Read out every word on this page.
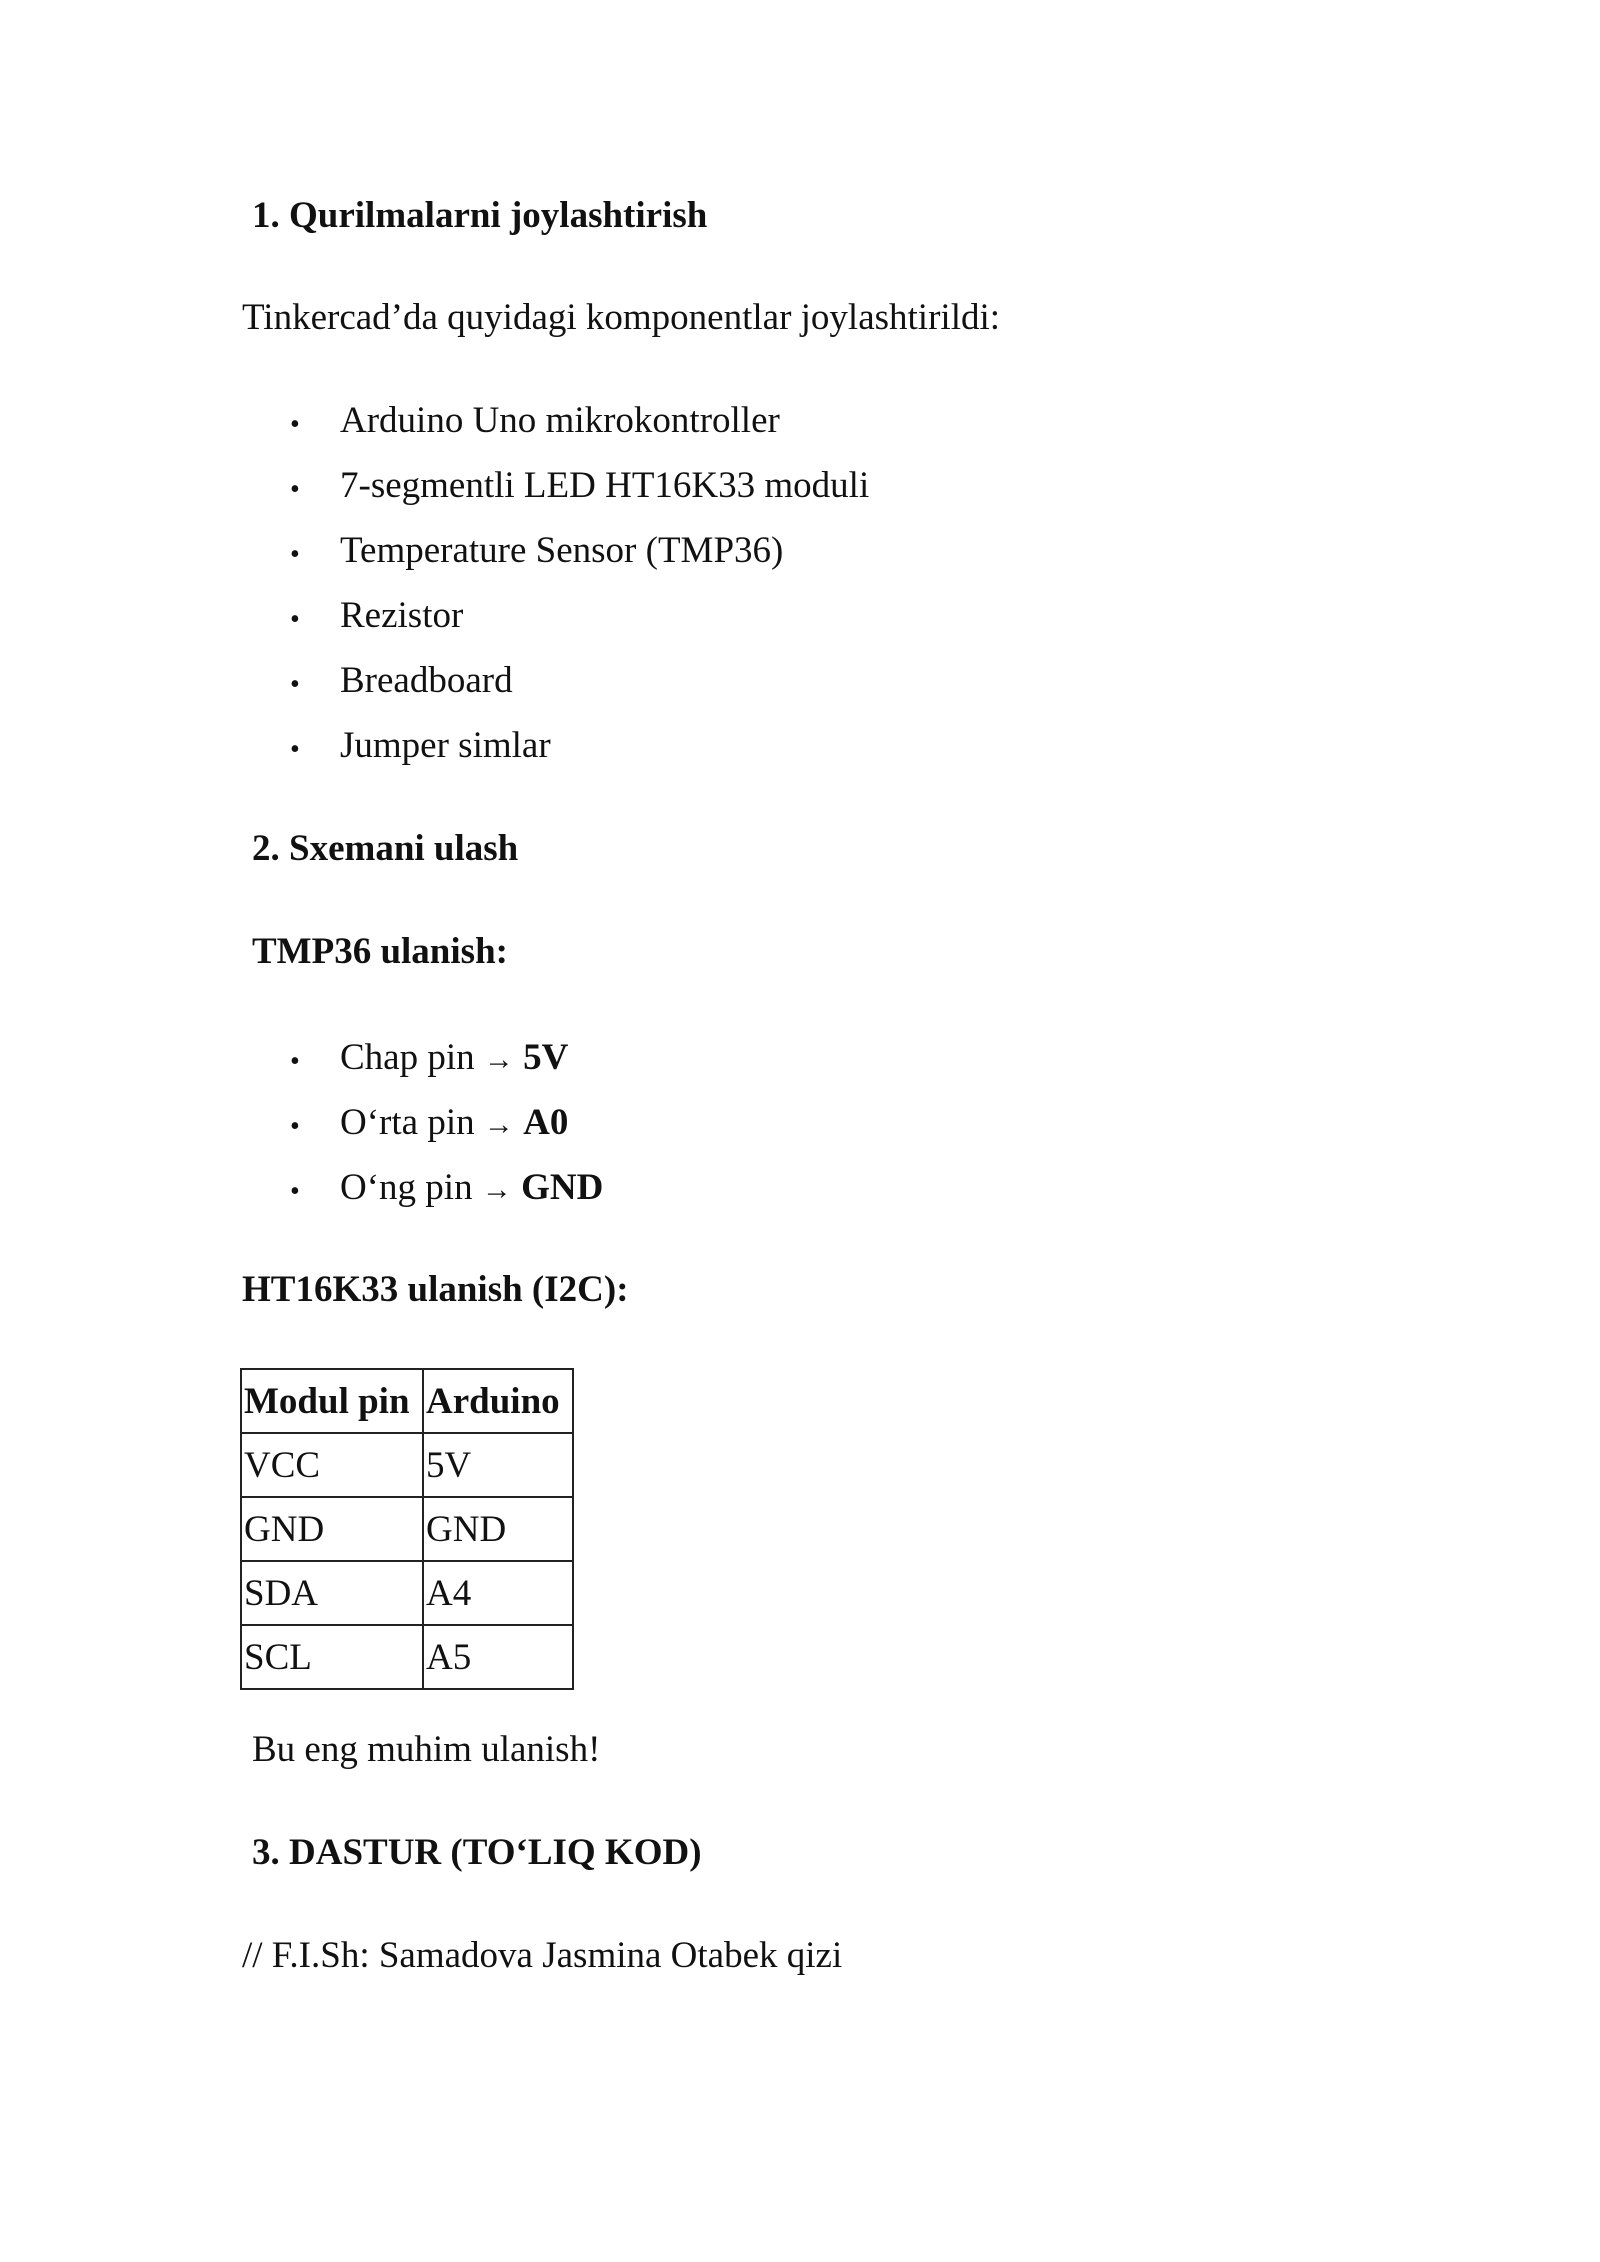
1. Qurilmalarni joylashtirish
Tinkercad’da quyidagi komponentlar joylashtirildi:
• Arduino Uno mikrokontroller
• 7-segmentli LED HT16K33 moduli
• Temperature Sensor (TMP36)
• Rezistor
• Breadboard
• Jumper simlar
2. Sxemani ulash
TMP36 ulanish:
• Chap pin → 5V
• O‘rta pin → A0
• O‘ng pin → GND
HT16K33 ulanish (I2C):
Modul pin	Arduino
VCC	5V
GND	GND
SDA	A4
SCL	A5
Bu eng muhim ulanish!
3. DASTUR (TO‘LIQ KOD)
// F.I.Sh: Samadova Jasmina Otabek qizi
